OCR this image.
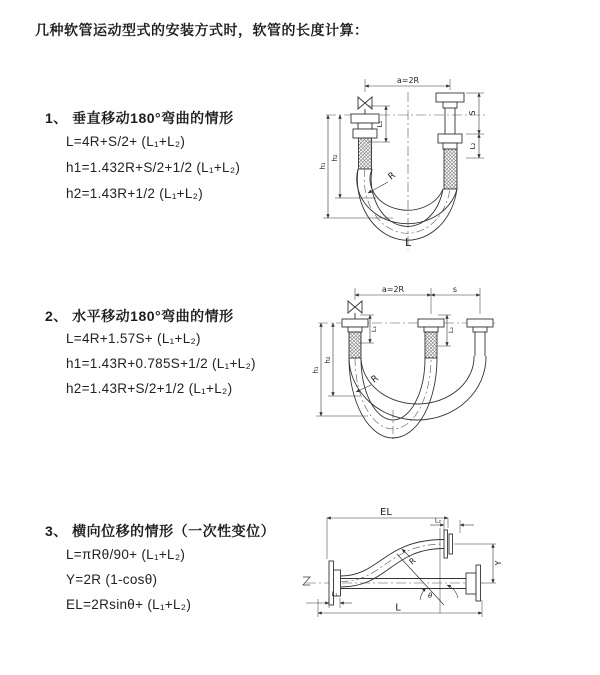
几种软管运动型式的安装方式时，软管的长度计算：
1、 垂直移动180°弯曲的情形
L=4R+S/2+ (L₁+L₂)
h1=1.432R+S/2+1/2 (L₁+L₂)
h2=1.43R+1/2 (L₁+L₂)
2、 水平移动180°弯曲的情形
L=4R+1.57S+ (L₁+L₂)
h1=1.43R+0.785S+1/2 (L₁+L₂)
h2=1.43R+S/2+1/2 (L₁+L₂)
3、 横向位移的情形（一次性变位）
L=πRθ/90+ (L₁+L₂)
Y=2R (1-cosθ)
EL=2Rsinθ+ (L₁+L₂)
a=2R
L₁
S
L₂
h₁
h₂
R
L
a=2R	s
L₁	L₂
h₁
h₂
R
EL
L₂
Y
R
θ
L
L₁
